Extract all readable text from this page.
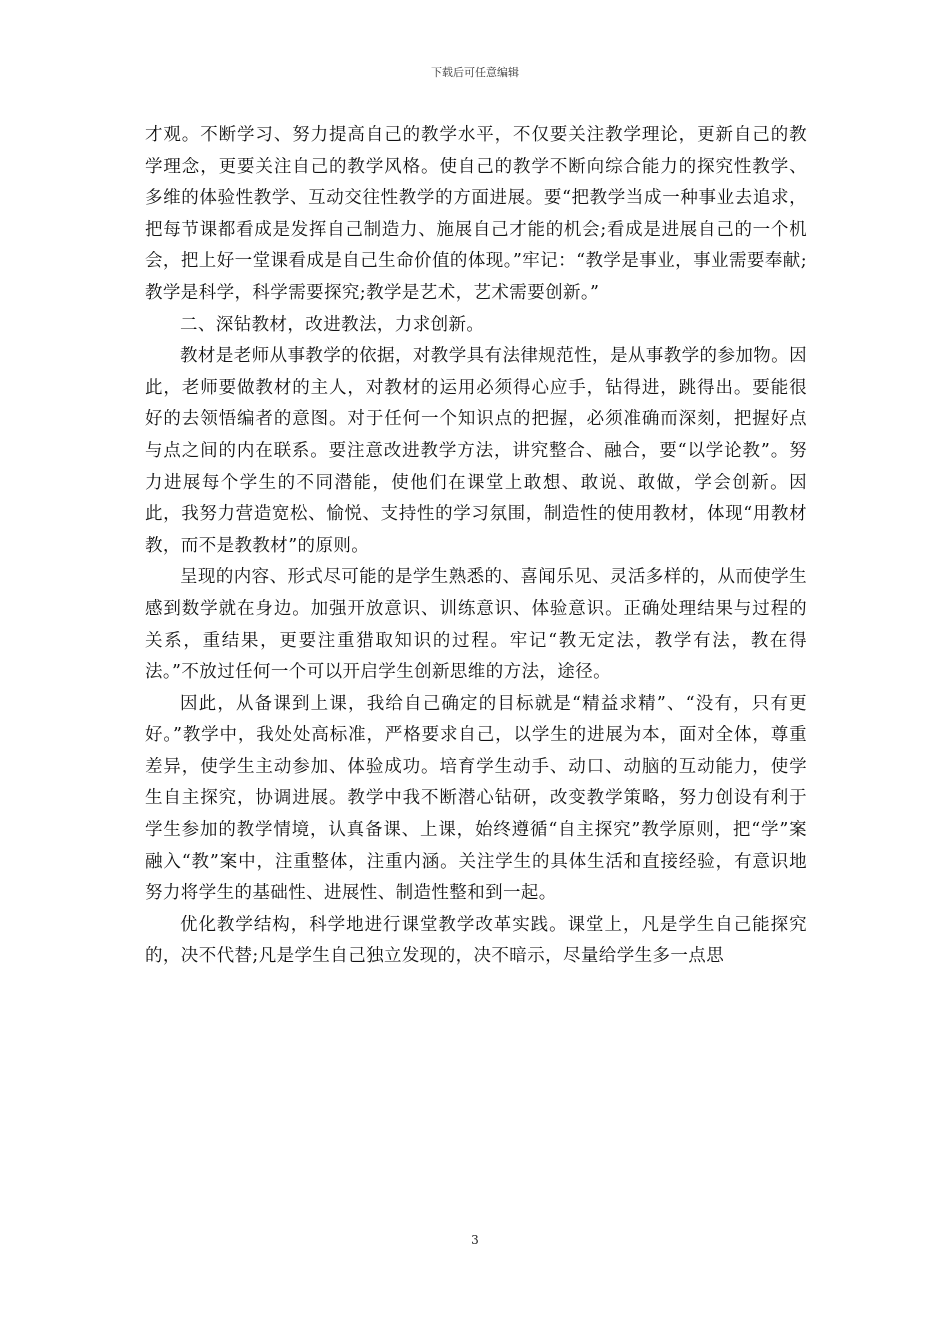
下载后可任意编辑

才观。不断学习、努力提高自己的教学水平，不仅要关注教学理论，更新自己的教学理念，更要关注自己的教学风格。使自己的教学不断向综合能力的探究性教学、多维的体验性教学、互动交往性教学的方面进展。要“把教学当成一种事业去追求，把每节课都看成是发挥自己制造力、施展自己才能的机会;看成是进展自己的一个机会，把上好一堂课看成是自己生命价值的体现。”牢记：“教学是事业，事业需要奉献;教学是科学，科学需要探究;教学是艺术，艺术需要创新。”

二、深钻教材，改进教法，力求创新。

教材是老师从事教学的依据，对教学具有法律规范性，是从事教学的参加物。因此，老师要做教材的主人，对教材的运用必须得心应手，钻得进，跳得出。要能很好的去领悟编者的意图。对于任何一个知识点的把握，必须准确而深刻，把握好点与点之间的内在联系。要注意改进教学方法，讲究整合、融合，要“以学论教”。努力进展每个学生的不同潜能，使他们在课堂上敢想、敢说、敢做，学会创新。因此，我努力营造宽松、愉悦、支持性的学习氛围，制造性的使用教材，体现“用教材教，而不是教教材”的原则。

呈现的内容、形式尽可能的是学生熟悉的、喜闻乐见、灵活多样的，从而使学生感到数学就在身边。加强开放意识、训练意识、体验意识。正确处理结果与过程的关系，重结果，更要注重猎取知识的过程。牢记“教无定法，教学有法，教在得法。”不放过任何一个可以开启学生创新思维的方法，途径。

因此，从备课到上课，我给自己确定的目标就是“精益求精”、“没有，只有更好。”教学中，我处处高标准，严格要求自己，以学生的进展为本，面对全体，尊重差异，使学生主动参加、体验成功。培育学生动手、动口、动脑的互动能力，使学生自主探究，协调进展。教学中我不断潜心钻研，改变教学策略，努力创设有利于学生参加的教学情境，认真备课、上课，始终遵循“自主探究”教学原则，把“学”案融入“教”案中，注重整体，注重内涵。关注学生的具体生活和直接经验，有意识地努力将学生的基础性、进展性、制造性整和到一起。

优化教学结构，科学地进行课堂教学改革实践。课堂上，凡是学生自己能探究的，决不代替;凡是学生自己独立发现的，决不暗示，尽量给学生多一点思

3
